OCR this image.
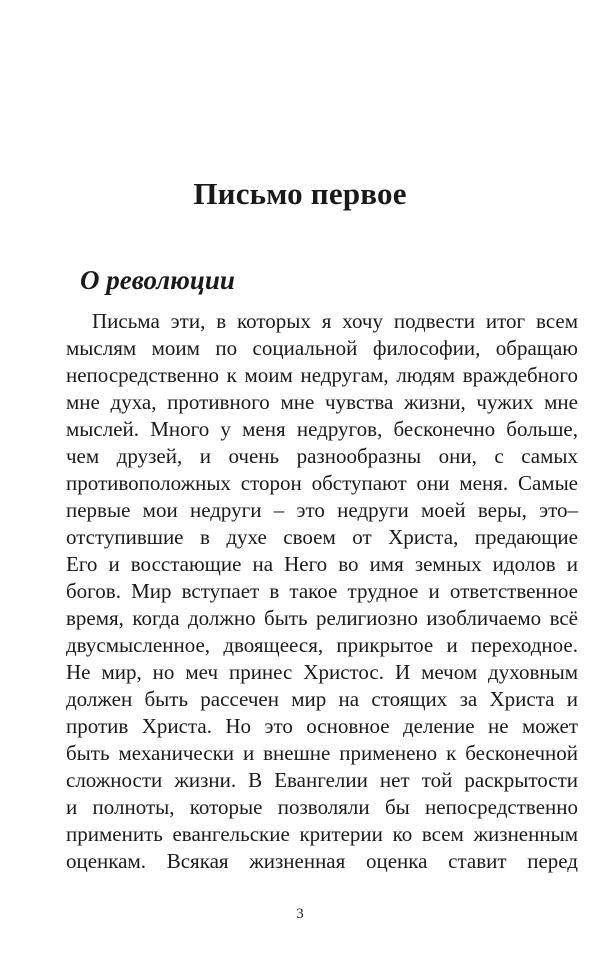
Письмо первое
О революции
Письма эти, в которых я хочу подвести итог всем
мыслям моим по социальной философии, обращаю
непосредственно к моим недругам, людям враждебного
мне духа, противного мне чувства жизни, чужих мне
мыслей. Много у меня недругов, бесконечно больше,
чем друзей, и очень разнообразны они, с самых
противоположных сторон обступают они меня. Самые
первые мои недруги – это недруги моей веры, это–
отступившие в духе своем от Христа, предающие
Его и восстающие на Него во имя земных идолов и
богов. Мир вступает в такое трудное и ответственное
время, когда должно быть религиозно изобличаемо всё
двусмысленное, двоящееся, прикрытое и переходное.
Не мир, но меч принес Христос. И мечом духовным
должен быть рассечен мир на стоящих за Христа и
против Христа. Но это основное деление не может
быть механически и внешне применено к бесконечной
сложности жизни. В Евангелии нет той раскрытости
и полноты, которые позволяли бы непосредственно
применить евангельские критерии ко всем жизненным
оценкам. Всякая жизненная оценка ставит перед
3
